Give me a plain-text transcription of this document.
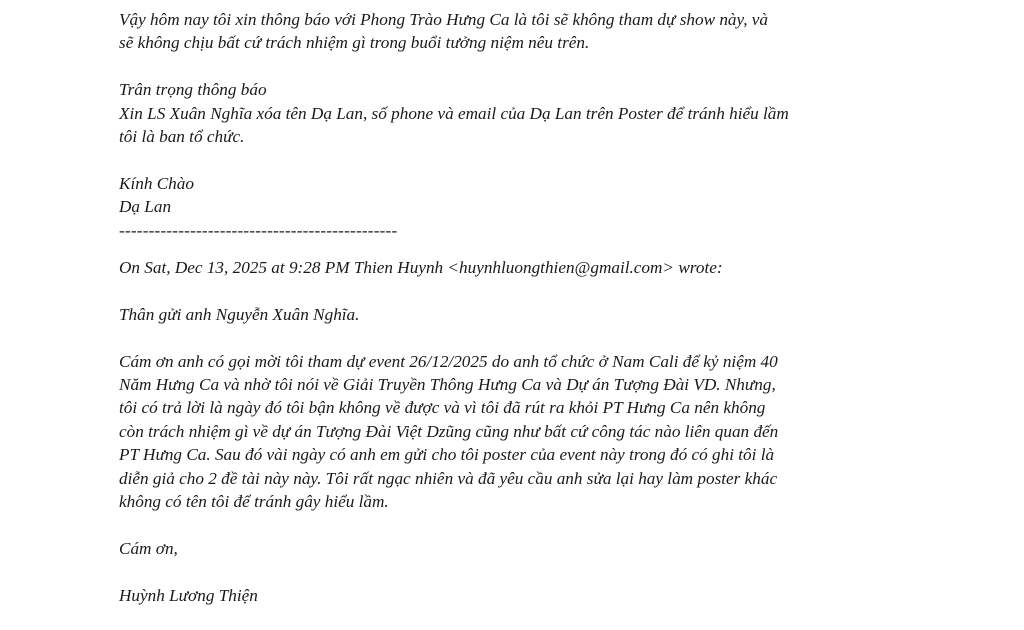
Vậy hôm nay tôi xin thông báo với Phong Trào Hưng Ca là tôi sẽ không tham dự show này, và
sẽ không chịu bất cứ trách nhiệm gì trong buổi tưởng niệm nêu trên.
Trân trọng thông báo
Xin LS Xuân Nghĩa xóa tên Dạ Lan, số phone và email của Dạ Lan trên Poster để tránh hiểu lầm
tôi là ban tổ chức.
Kính Chào
Dạ Lan
-----------------------------------------------
On Sat, Dec 13, 2025 at 9:28 PM Thien Huynh <huynhluongthien@gmail.com> wrote:
Thân gửi anh Nguyễn Xuân Nghĩa.
Cám ơn anh có gọi mời tôi tham dự event 26/12/2025 do anh tổ chức ở Nam Cali để kỷ niệm 40
Năm Hưng Ca và nhờ tôi nói về Giải Truyền Thông Hưng Ca và Dự án Tượng Đài VD. Nhưng,
tôi có trả lời là ngày đó tôi bận không về được và vì tôi đã rút ra khỏi PT Hưng Ca nên không
còn trách nhiệm gì về dự án Tượng Đài Việt Dzũng cũng như bất cứ công tác nào liên quan đến
PT Hưng Ca. Sau đó vài ngày có anh em gửi cho tôi poster của event này trong đó có ghi tôi là
diễn giả cho 2 đề tài này này. Tôi rất ngạc nhiên và đã yêu cầu anh sửa lại hay làm poster khác
không có tên tôi để tránh gây hiểu lầm.
Cám ơn,
Huỳnh Lương Thiện
